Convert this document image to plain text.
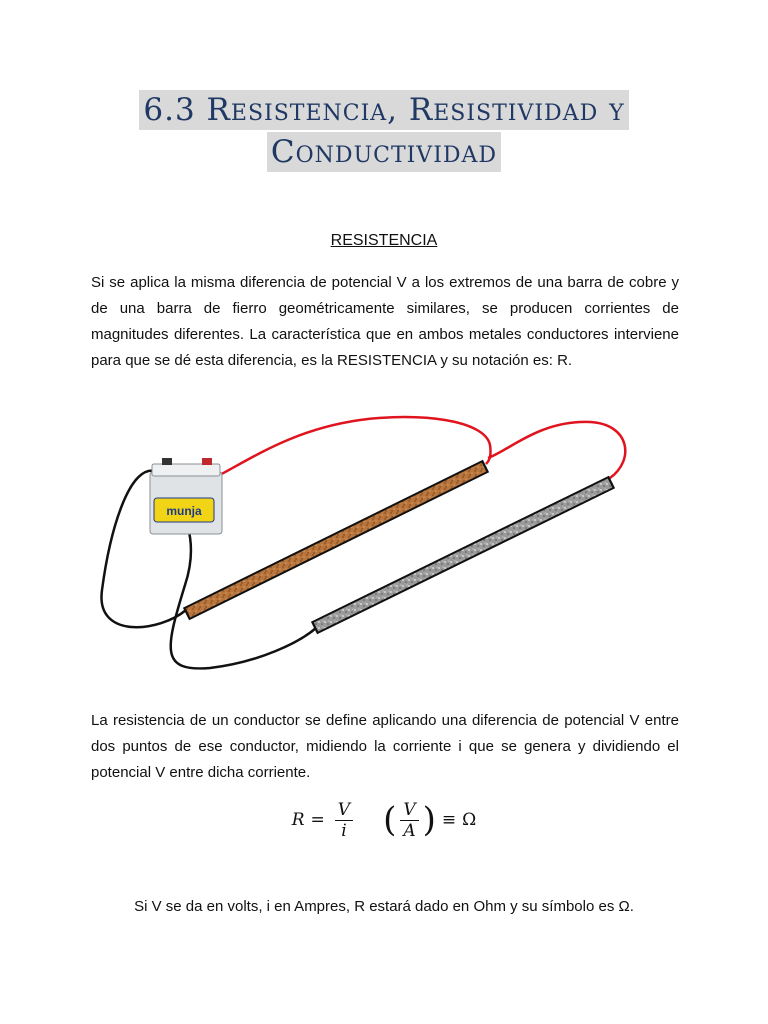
6.3 Resistencia, Resistividad y
Conductividad
RESISTENCIA
Si se aplica la misma diferencia de potencial V a los extremos de una barra de cobre y de una barra de fierro geométricamente similares, se producen corrientes de magnitudes diferentes. La característica que en ambos metales conductores interviene para que se dé esta diferencia, es la RESISTENCIA y su notación es: R.
munja
La resistencia de un conductor se define aplicando una diferencia de potencial V entre dos puntos de ese conductor, midiendo la corriente i que se genera y dividiendo el potencial V entre dicha corriente.
$R = \frac{V}{i}$ ( $\frac{V}{A}$ ) ≡ Ω
Si V se da en volts, i en Ampres, R estará dado en Ohm y su símbolo es Ω.
